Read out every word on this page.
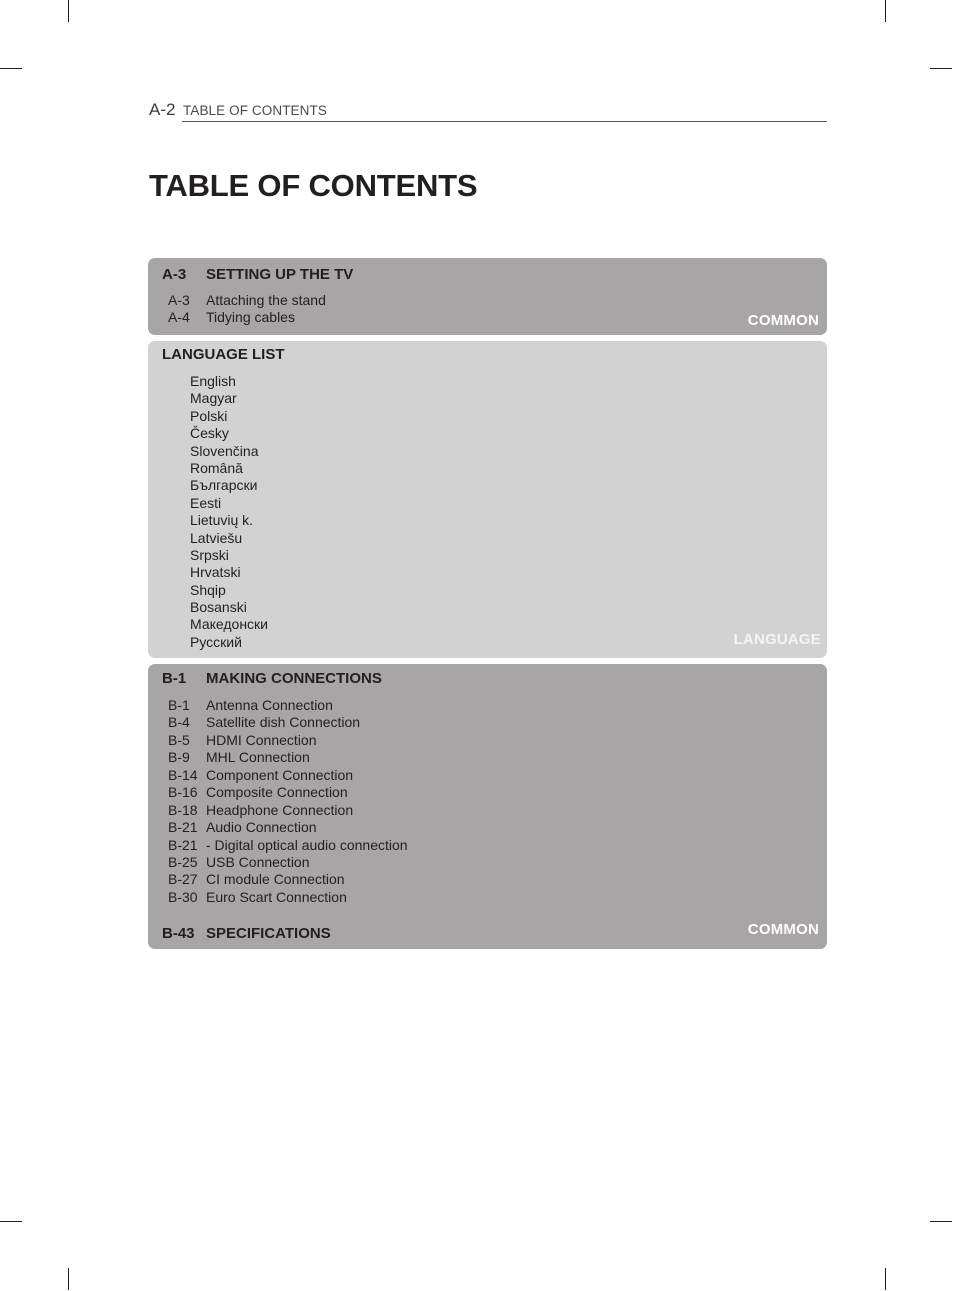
A-2 TABLE OF CONTENTS
TABLE OF CONTENTS
A-3 SETTING UP THE TV
A-3 Attaching the stand
A-4 Tidying cables	COMMON
LANGUAGE LIST
English
Magyar
Polski
Česky
Slovenčina
Română
Български
Eesti
Lietuvių k.
Latviešu
Srpski
Hrvatski
Shqip
Bosanski
Македонски
Русский	LANGUAGE
B-1 MAKING CONNECTIONS
B-1 Antenna Connection
B-4 Satellite dish Connection
B-5 HDMI Connection
B-9 MHL Connection
B-14 Component Connection
B-16 Composite Connection
B-18 Headphone Connection
B-21 Audio Connection
B-21 - Digital optical audio connection
B-25 USB Connection
B-27 CI module Connection
B-30 Euro Scart Connection
B-43 SPECIFICATIONS	COMMON
